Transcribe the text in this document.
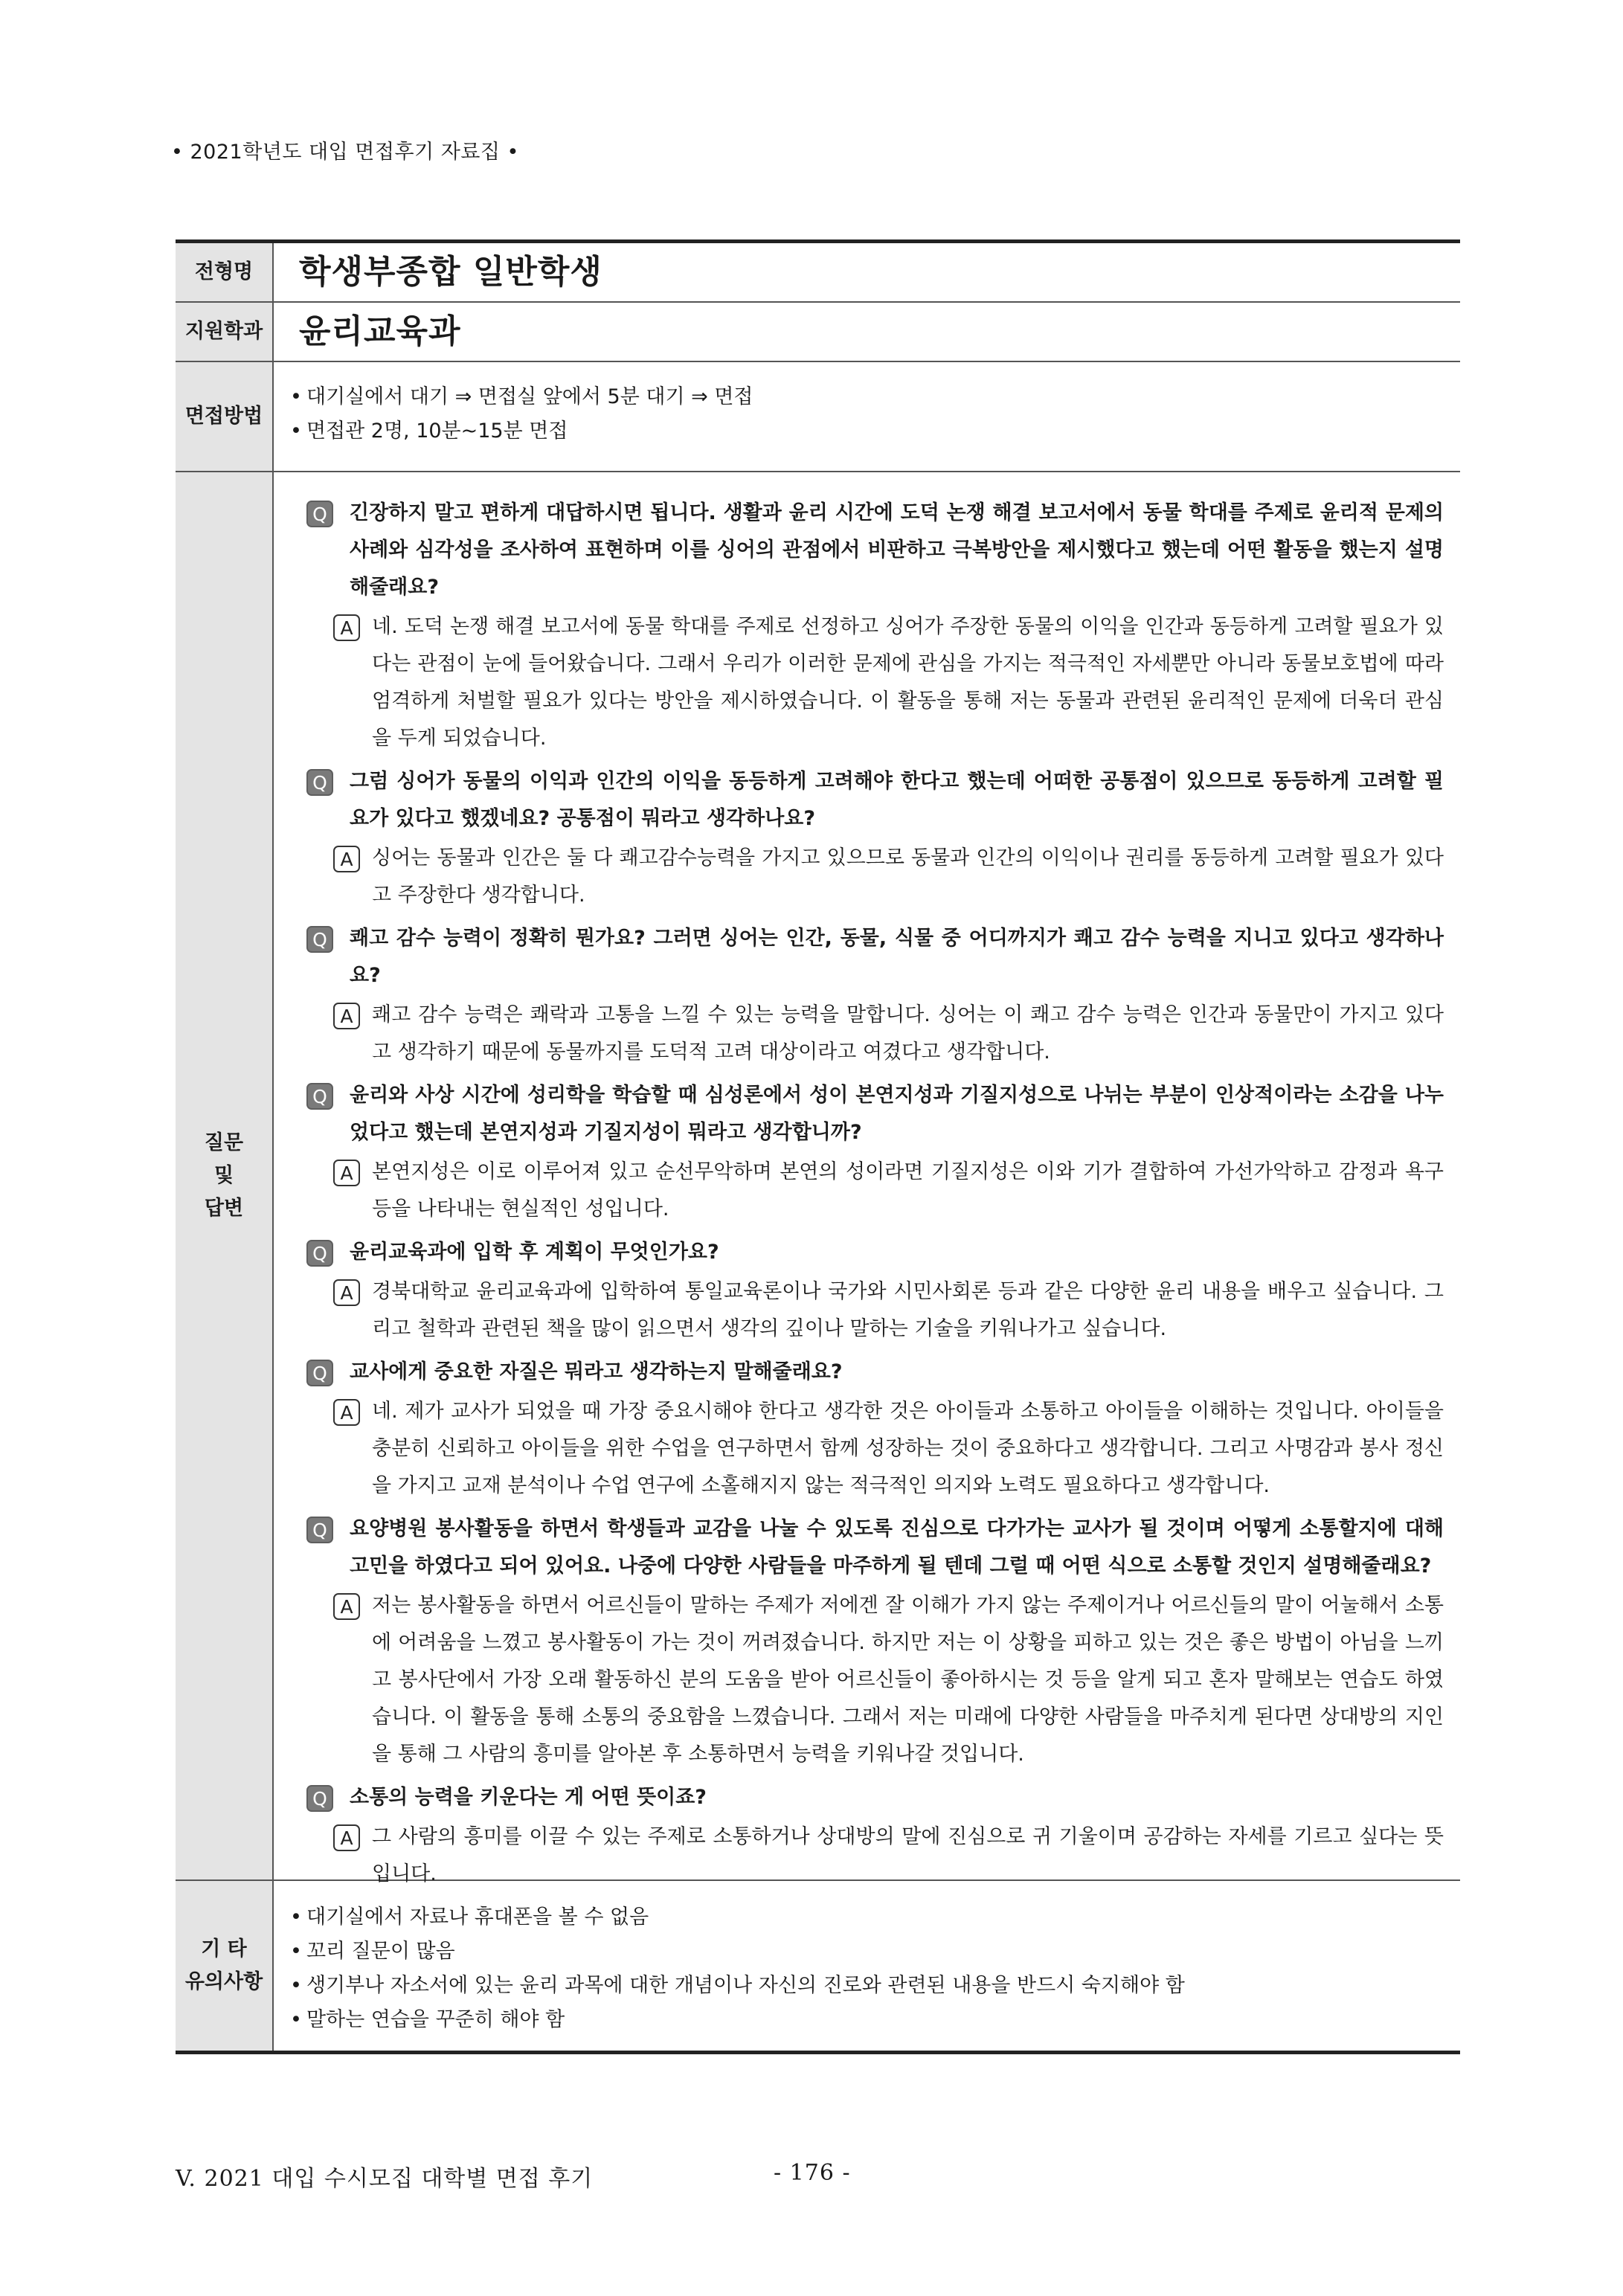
• 2021학년도 대입 면접후기 자료집 •
전형명	학생부종합 일반학생
지원학과	윤리교육과
면접방법
• 대기실에서 대기 ⇒ 면접실 앞에서 5분 대기 ⇒ 면접
• 면접관 2명, 10분~15분 면접
질문
및
답변
Q	긴장하지 말고 편하게 대답하시면 됩니다. 생활과 윤리 시간에 도덕 논쟁 해결 보고서에서 동물 학대를 주제로 윤리적 문제의 사례와 심각성을 조사하여 표현하며 이를 싱어의 관점에서 비판하고 극복방안을 제시했다고 했는데 어떤 활동을 했는지 설명해줄래요?
A 네. 도덕 논쟁 해결 보고서에 동물 학대를 주제로 선정하고 싱어가 주장한 동물의 이익을 인간과 동등하게 고려할 필요가 있다는 관점이 눈에 들어왔습니다. 그래서 우리가 이러한 문제에 관심을 가지는 적극적인 자세뿐만 아니라 동물보호법에 따라 엄격하게 처벌할 필요가 있다는 방안을 제시하였습니다. 이 활동을 통해 저는 동물과 관련된 윤리적인 문제에 더욱더 관심을 두게 되었습니다.
Q	그럼 싱어가 동물의 이익과 인간의 이익을 동등하게 고려해야 한다고 했는데 어떠한 공통점이 있으므로 동등하게 고려할 필요가 있다고 했겠네요? 공통점이 뭐라고 생각하나요?
A 싱어는 동물과 인간은 둘 다 쾌고감수능력을 가지고 있으므로 동물과 인간의 이익이나 권리를 동등하게 고려할 필요가 있다고 주장한다 생각합니다.
Q	쾌고 감수 능력이 정확히 뭔가요? 그러면 싱어는 인간, 동물, 식물 중 어디까지가 쾌고 감수 능력을 지니고 있다고 생각하나요?
A 쾌고 감수 능력은 쾌락과 고통을 느낄 수 있는 능력을 말합니다. 싱어는 이 쾌고 감수 능력은 인간과 동물만이 가지고 있다고 생각하기 때문에 동물까지를 도덕적 고려 대상이라고 여겼다고 생각합니다.
Q	윤리와 사상 시간에 성리학을 학습할 때 심성론에서 성이 본연지성과 기질지성으로 나뉘는 부분이 인상적이라는 소감을 나누었다고 했는데 본연지성과 기질지성이 뭐라고 생각합니까?
A 본연지성은 이로 이루어져 있고 순선무악하며 본연의 성이라면 기질지성은 이와 기가 결합하여 가선가악하고 감정과 욕구 등을 나타내는 현실적인 성입니다.
Q	윤리교육과에 입학 후 계획이 무엇인가요?
A 경북대학교 윤리교육과에 입학하여 통일교육론이나 국가와 시민사회론 등과 같은 다양한 윤리 내용을 배우고 싶습니다. 그리고 철학과 관련된 책을 많이 읽으면서 생각의 깊이나 말하는 기술을 키워나가고 싶습니다.
Q	교사에게 중요한 자질은 뭐라고 생각하는지 말해줄래요?
A 네. 제가 교사가 되었을 때 가장 중요시해야 한다고 생각한 것은 아이들과 소통하고 아이들을 이해하는 것입니다. 아이들을 충분히 신뢰하고 아이들을 위한 수업을 연구하면서 함께 성장하는 것이 중요하다고 생각합니다. 그리고 사명감과 봉사 정신을 가지고 교재 분석이나 수업 연구에 소홀해지지 않는 적극적인 의지와 노력도 필요하다고 생각합니다.
Q	요양병원 봉사활동을 하면서 학생들과 교감을 나눌 수 있도록 진심으로 다가가는 교사가 될 것이며 어떻게 소통할지에 대해 고민을 하였다고 되어 있어요. 나중에 다양한 사람들을 마주하게 될 텐데 그럴 때 어떤 식으로 소통할 것인지 설명해줄래요?
A 저는 봉사활동을 하면서 어르신들이 말하는 주제가 저에겐 잘 이해가 가지 않는 주제이거나 어르신들의 말이 어눌해서 소통에 어려움을 느꼈고 봉사활동이 가는 것이 꺼려졌습니다. 하지만 저는 이 상황을 피하고 있는 것은 좋은 방법이 아님을 느끼고 봉사단에서 가장 오래 활동하신 분의 도움을 받아 어르신들이 좋아하시는 것 등을 알게 되고 혼자 말해보는 연습도 하였습니다. 이 활동을 통해 소통의 중요함을 느꼈습니다. 그래서 저는 미래에 다양한 사람들을 마주치게 된다면 상대방의 지인을 통해 그 사람의 흥미를 알아본 후 소통하면서 능력을 키워나갈 것입니다.
Q	소통의 능력을 키운다는 게 어떤 뜻이죠?
A 그 사람의 흥미를 이끌 수 있는 주제로 소통하거나 상대방의 말에 진심으로 귀 기울이며 공감하는 자세를 기르고 싶다는 뜻입니다.
기 타
유의사항
• 대기실에서 자료나 휴대폰을 볼 수 없음
• 꼬리 질문이 많음
• 생기부나 자소서에 있는 윤리 과목에 대한 개념이나 자신의 진로와 관련된 내용을 반드시 숙지해야 함
• 말하는 연습을 꾸준히 해야 함
V. 2021 대입 수시모집 대학별 면접 후기	- 176 -
